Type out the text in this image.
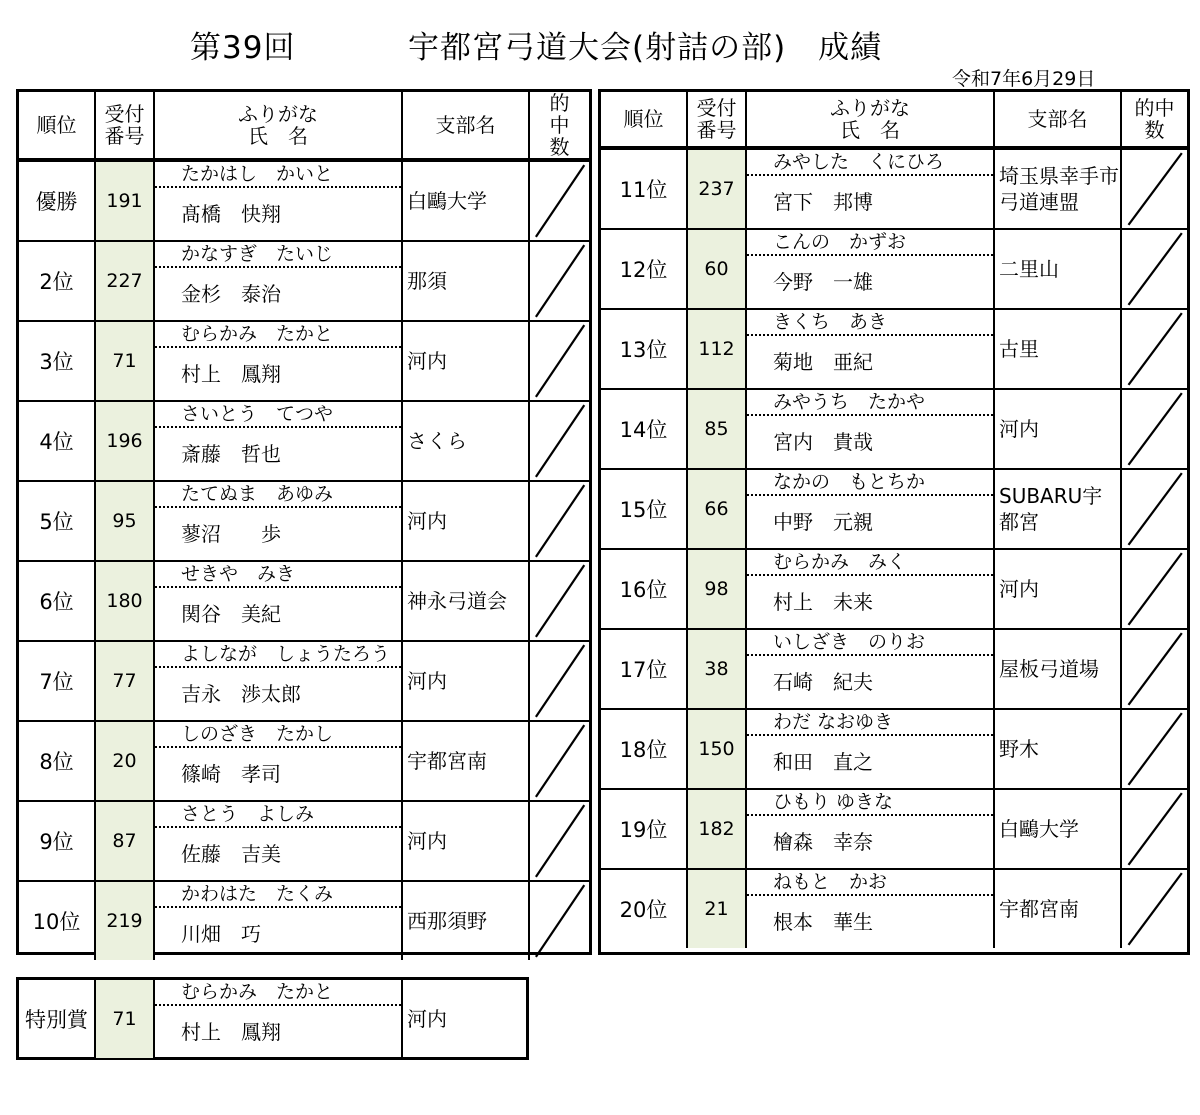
第39回	宇都宮弓道大会(射詰の部)　成績
令和7年6月29日
順位	受付番号	ふりがな
氏　名	支部名	的中数
優勝	191	たかはし　かいと
髙橋　快翔	白鷗大学	

2位	227	かなすぎ　たいじ
金杉　泰治	那須	

3位	71	むらかみ　たかと
村上　鳳翔	河内	

4位	196	さいとう　てつや
斎藤　哲也	さくら	

5位	95	たてぬま　あゆみ
蓼沼　　歩	河内	

6位	180	せきや　みき
関谷　美紀	神永弓道会	

7位	77	よしなが　しょうたろう
吉永　渉太郎	河内	

8位	20	しのざき　たかし
篠崎　孝司	宇都宮南	

9位	87	さとう　よしみ
佐藤　吉美	河内	

10位	219	かわはた　たくみ
川畑　巧	西那須野	
順位	受付番号	ふりがな
氏　名	支部名	的中数
11位	237	みやした　くにひろ
宮下　邦博	埼玉県幸手市弓道連盟	

12位	60	こんの　かずお
今野　一雄	二里山	

13位	112	きくち　あき
菊地　亜紀	古里	

14位	85	みやうち　たかや
宮内　貴哉	河内	

15位	66	なかの　もとちか
中野　元親	SUBARU宇都宮	

16位	98	むらかみ　みく
村上　未来	河内	

17位	38	いしざき　のりお
石崎　紀夫	屋板弓道場	

18位	150	わだ なおゆき
和田　直之	野木	

19位	182	ひもり ゆきな
檜森　幸奈	白鷗大学	

20位	21	ねもと　かお
根本　華生	宇都宮南	
特別賞	71	
むらかみ　たかと
村上　鳳翔
	河内
